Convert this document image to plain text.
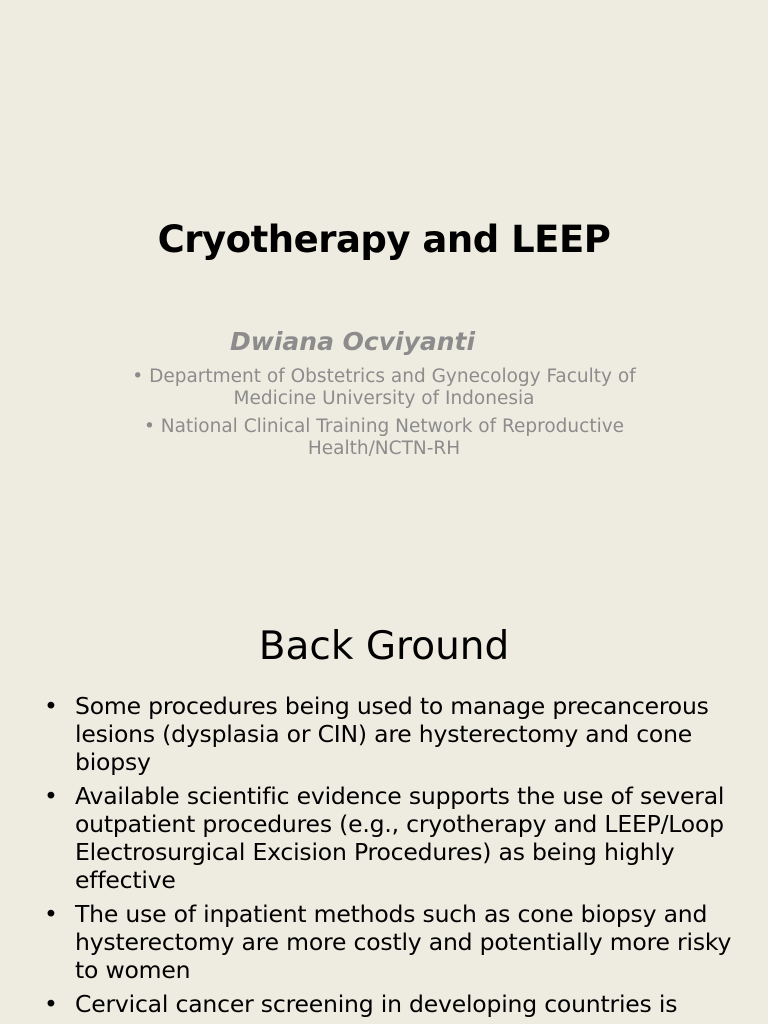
Cryotherapy and LEEP

Dwiana Ocviyanti

• Department of Obstetrics and Gynecology Faculty of Medicine University of Indonesia
• National Clinical Training Network of Reproductive Health/NCTN-RH
Back Ground
• Some procedures being used to manage precancerous lesions (dysplasia or CIN) are hysterectomy and cone biopsy
• Available scientific evidence supports the use of several outpatient procedures (e.g., cryotherapy and LEEP/Loop Electrosurgical Excision Procedures) as being highly effective
• The use of inpatient methods such as cone biopsy and hysterectomy are more costly and potentially more risky to women
• Cervical cancer screening in developing countries is
